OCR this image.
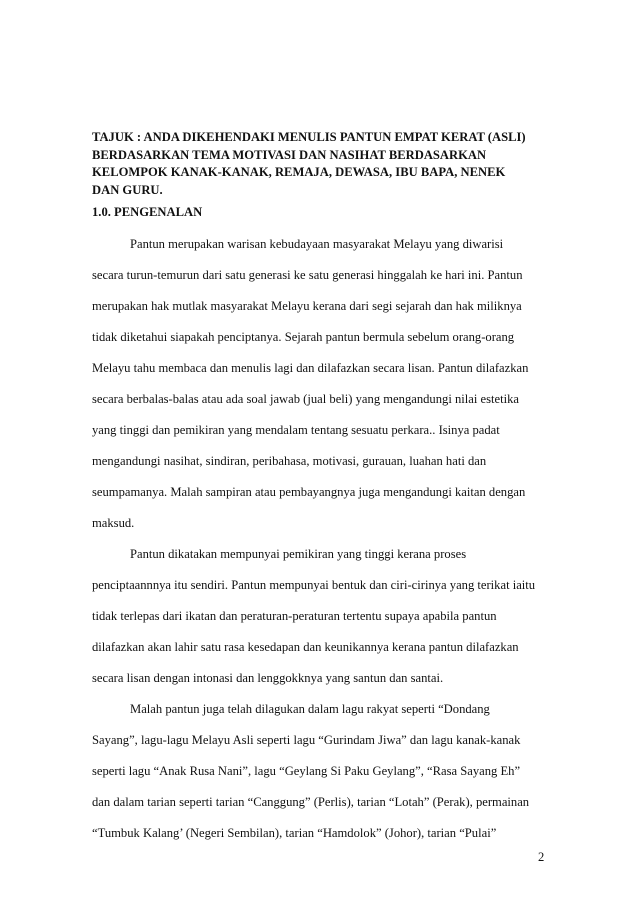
TAJUK : ANDA DIKEHENDAKI MENULIS PANTUN EMPAT KERAT (ASLI)
BERDASARKAN TEMA MOTIVASI DAN NASIHAT BERDASARKAN
KELOMPOK KANAK-KANAK, REMAJA, DEWASA, IBU BAPA, NENEK
DAN GURU.
1.0. PENGENALAN
Pantun merupakan warisan kebudayaan masyarakat Melayu yang diwarisi
secara turun-temurun dari satu generasi ke satu generasi hinggalah ke hari ini. Pantun
merupakan hak mutlak masyarakat Melayu kerana dari segi sejarah dan hak miliknya
tidak diketahui siapakah penciptanya. Sejarah pantun bermula sebelum orang-orang
Melayu tahu membaca dan menulis lagi dan dilafazkan secara lisan. Pantun dilafazkan
secara berbalas-balas atau ada soal jawab (jual beli) yang mengandungi nilai estetika
yang tinggi dan pemikiran yang mendalam tentang sesuatu perkara.. Isinya padat
mengandungi nasihat, sindiran, peribahasa, motivasi, gurauan, luahan hati dan
seumpamanya. Malah sampiran atau pembayangnya juga mengandungi kaitan dengan
maksud.
Pantun dikatakan mempunyai pemikiran yang tinggi kerana proses
penciptaannnya itu sendiri. Pantun mempunyai bentuk dan ciri-cirinya yang terikat iaitu
tidak terlepas dari ikatan dan peraturan-peraturan tertentu supaya apabila pantun
dilafazkan akan lahir satu rasa kesedapan dan keunikannya kerana pantun dilafazkan
secara lisan dengan intonasi dan lenggokknya yang santun dan santai.
Malah pantun juga telah dilagukan dalam lagu rakyat seperti “Dondang
Sayang”, lagu-lagu Melayu Asli seperti lagu “Gurindam Jiwa” dan lagu kanak-kanak
seperti lagu “Anak Rusa Nani”, lagu “Geylang Si Paku Geylang”, “Rasa Sayang Eh”
dan dalam tarian seperti tarian “Canggung” (Perlis), tarian “Lotah” (Perak), permainan
“Tumbuk Kalang’ (Negeri Sembilan), tarian “Hamdolok” (Johor), tarian “Pulai”
2
